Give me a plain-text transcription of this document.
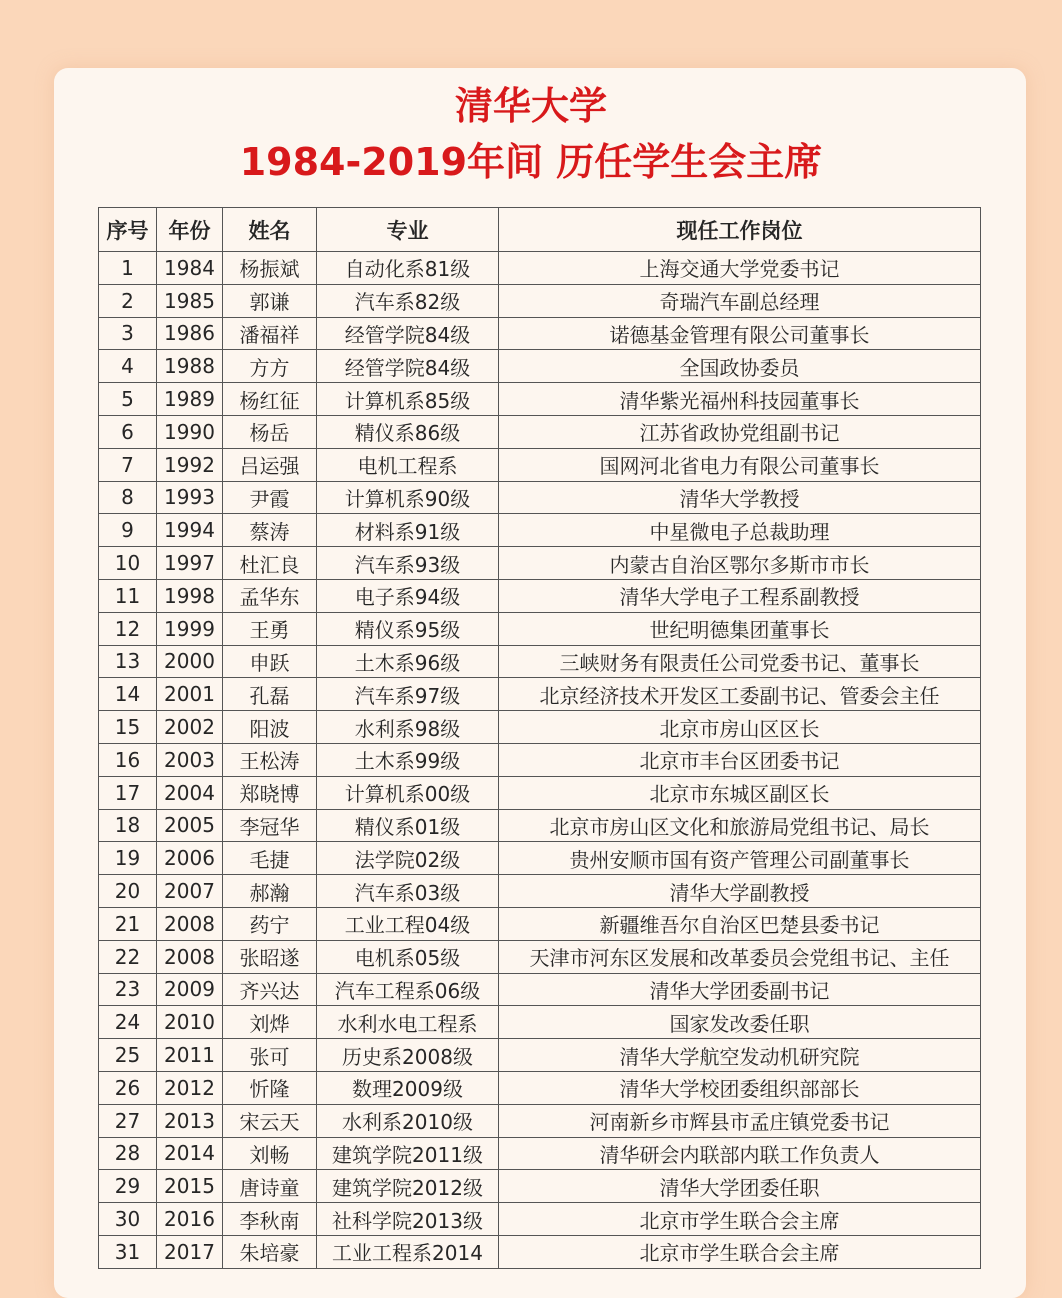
清华大学
1984-2019年间 历任学生会主席
序号	年份	姓名	专业	现任工作岗位
1	1984	杨振斌	自动化系81级	上海交通大学党委书记
2	1985	郭谦	汽车系82级	奇瑞汽车副总经理
3	1986	潘福祥	经管学院84级	诺德基金管理有限公司董事长
4	1988	方方	经管学院84级	全国政协委员
5	1989	杨红征	计算机系85级	清华紫光福州科技园董事长
6	1990	杨岳	精仪系86级	江苏省政协党组副书记
7	1992	吕运强	电机工程系	国网河北省电力有限公司董事长
8	1993	尹霞	计算机系90级	清华大学教授
9	1994	蔡涛	材料系91级	中星微电子总裁助理
10	1997	杜汇良	汽车系93级	内蒙古自治区鄂尔多斯市市长
11	1998	孟华东	电子系94级	清华大学电子工程系副教授
12	1999	王勇	精仪系95级	世纪明德集团董事长
13	2000	申跃	土木系96级	三峡财务有限责任公司党委书记、董事长
14	2001	孔磊	汽车系97级	北京经济技术开发区工委副书记、管委会主任
15	2002	阳波	水利系98级	北京市房山区区长
16	2003	王松涛	土木系99级	北京市丰台区团委书记
17	2004	郑晓博	计算机系00级	北京市东城区副区长
18	2005	李冠华	精仪系01级	北京市房山区文化和旅游局党组书记、局长
19	2006	毛捷	法学院02级	贵州安顺市国有资产管理公司副董事长
20	2007	郝瀚	汽车系03级	清华大学副教授
21	2008	药宁	工业工程04级	新疆维吾尔自治区巴楚县委书记
22	2008	张昭遂	电机系05级	天津市河东区发展和改革委员会党组书记、主任
23	2009	齐兴达	汽车工程系06级	清华大学团委副书记
24	2010	刘烨	水利水电工程系	国家发改委任职
25	2011	张可	历史系2008级	清华大学航空发动机研究院
26	2012	忻隆	数理2009级	清华大学校团委组织部部长
27	2013	宋云天	水利系2010级	河南新乡市辉县市孟庄镇党委书记
28	2014	刘畅	建筑学院2011级	清华研会内联部内联工作负责人
29	2015	唐诗童	建筑学院2012级	清华大学团委任职
30	2016	李秋南	社科学院2013级	北京市学生联合会主席
31	2017	朱培豪	工业工程系2014	北京市学生联合会主席
